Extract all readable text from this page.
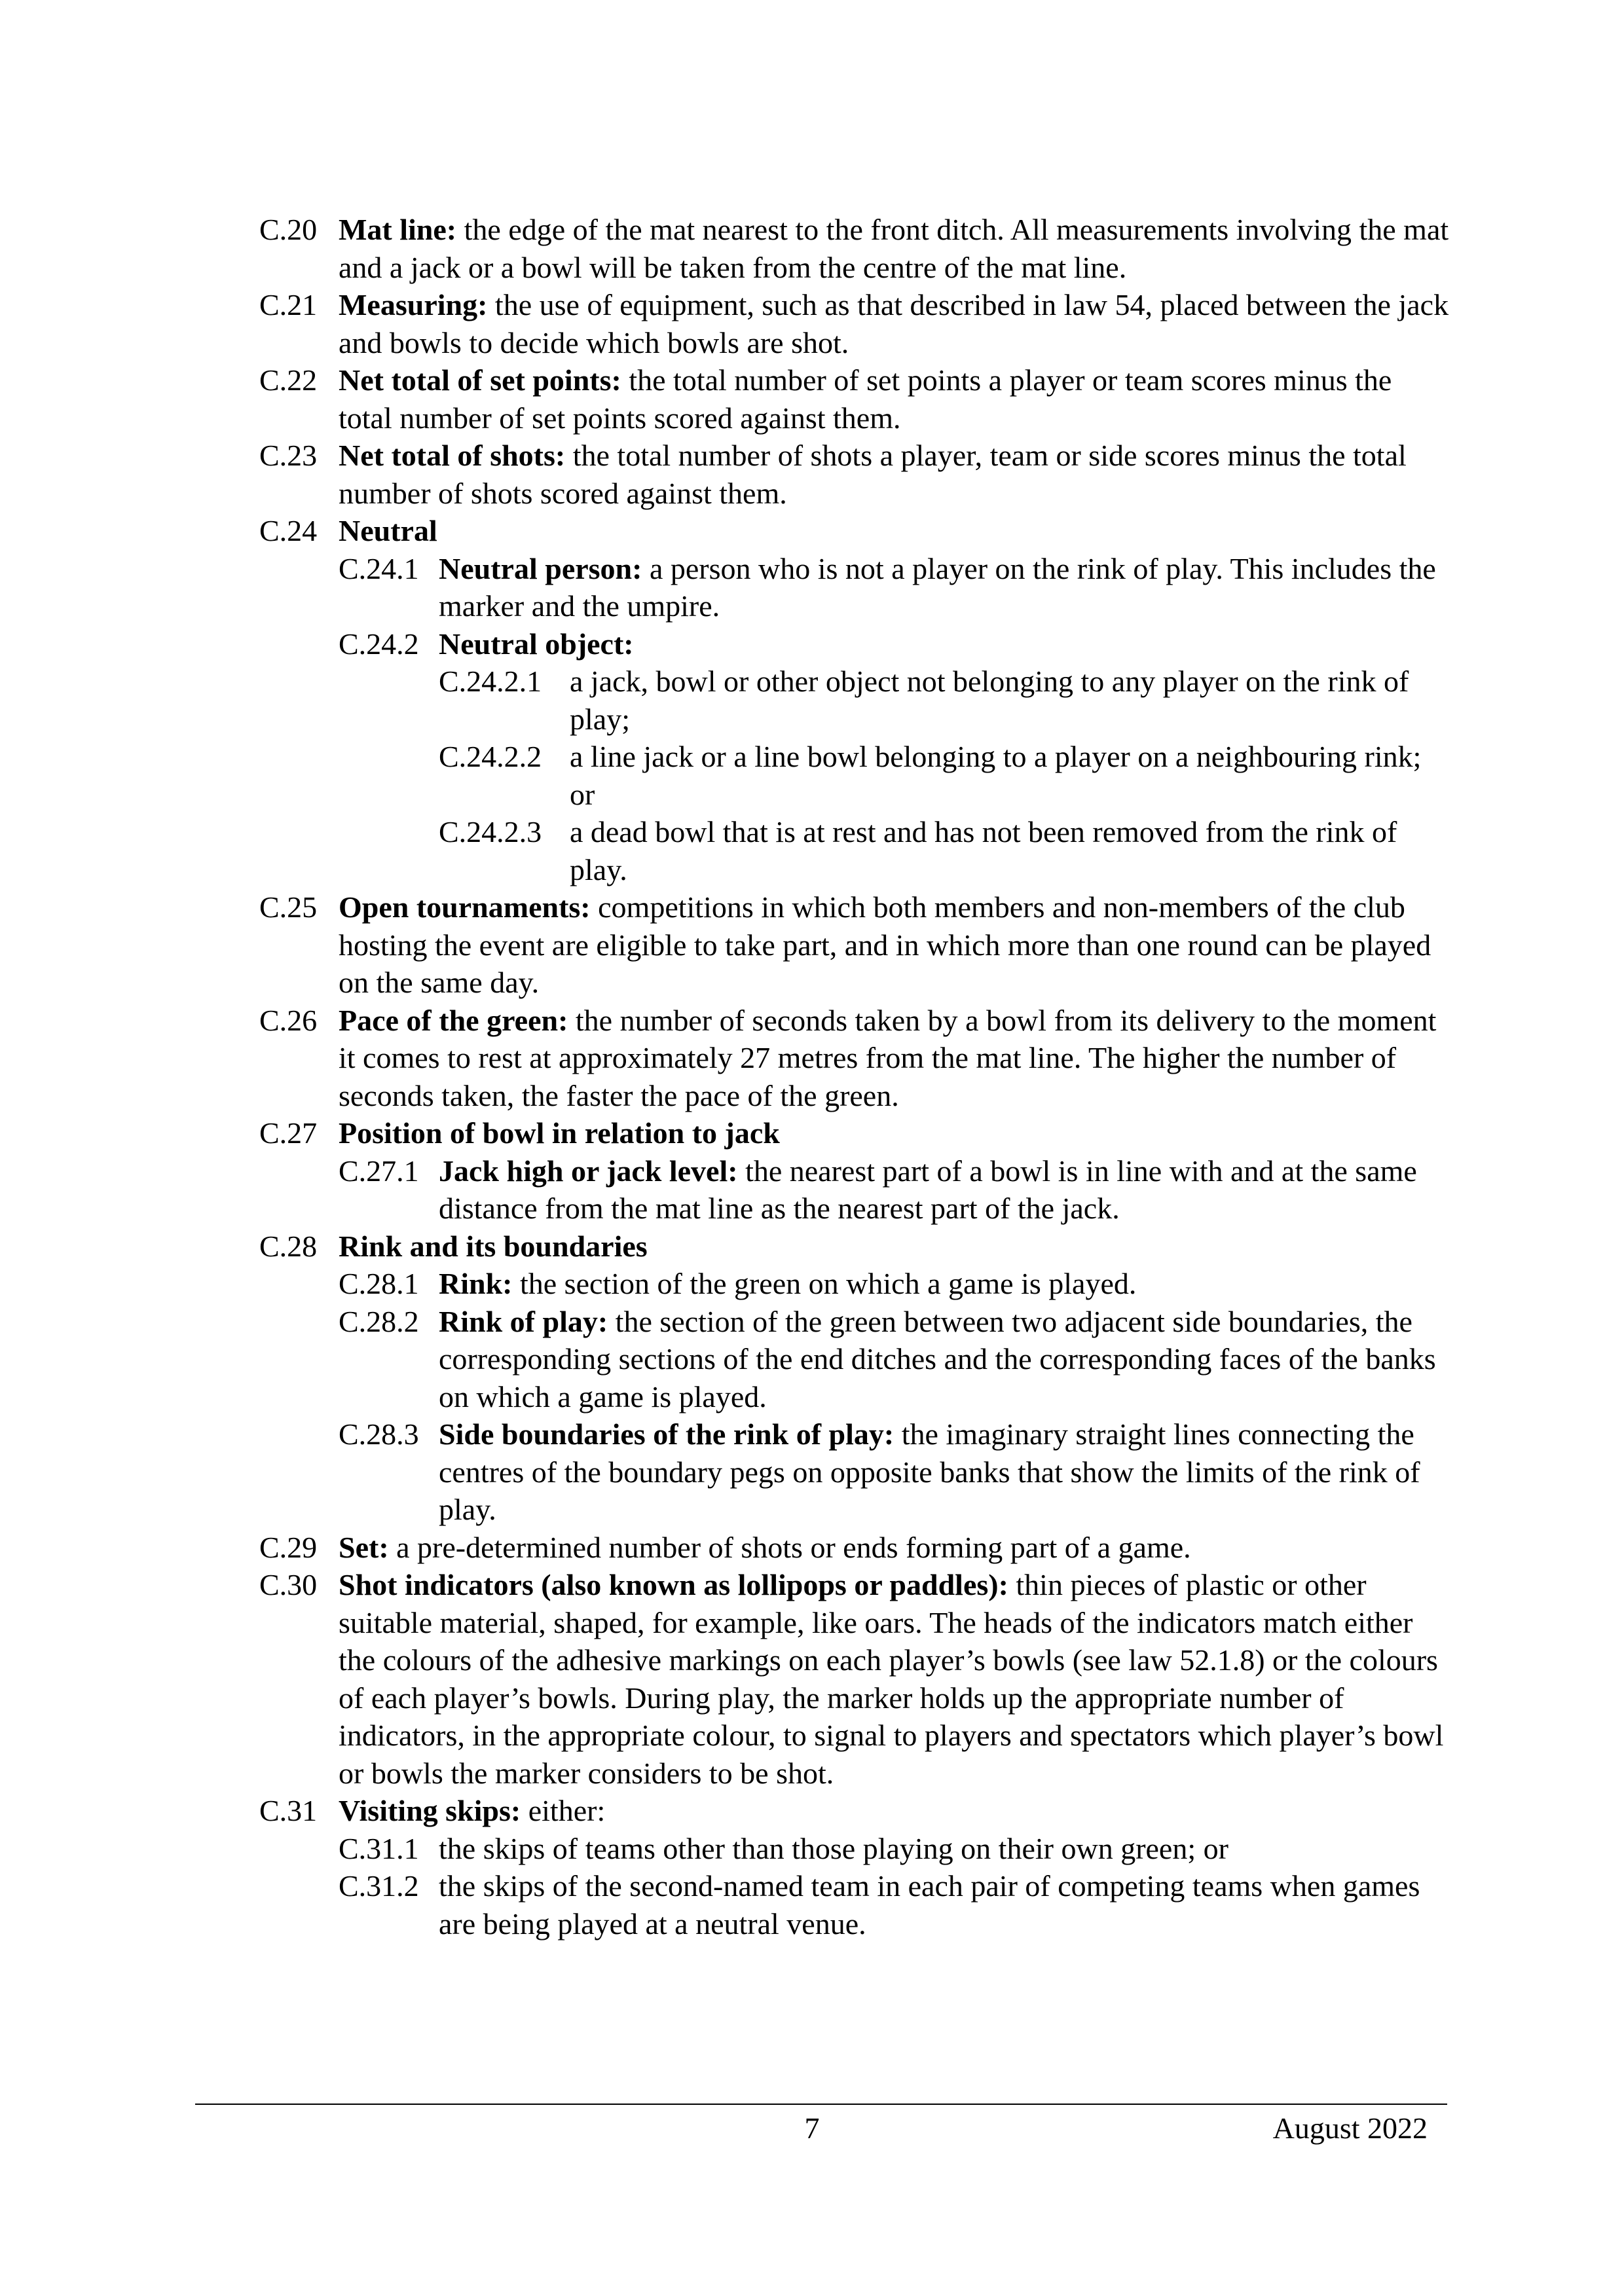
C.20 Mat line: the edge of the mat nearest to the front ditch. All measurements involving the mat and a jack or a bowl will be taken from the centre of the mat line.
C.21 Measuring: the use of equipment, such as that described in law 54, placed between the jack and bowls to decide which bowls are shot.
C.22 Net total of set points: the total number of set points a player or team scores minus the total number of set points scored against them.
C.23 Net total of shots: the total number of shots a player, team or side scores minus the total number of shots scored against them.
C.24 Neutral
C.24.1 Neutral person: a person who is not a player on the rink of play. This includes the marker and the umpire.
C.24.2 Neutral object:
C.24.2.1 a jack, bowl or other object not belonging to any player on the rink of play;
C.24.2.2 a line jack or a line bowl belonging to a player on a neighbouring rink; or
C.24.2.3 a dead bowl that is at rest and has not been removed from the rink of play.
C.25 Open tournaments: competitions in which both members and non-members of the club hosting the event are eligible to take part, and in which more than one round can be played on the same day.
C.26 Pace of the green: the number of seconds taken by a bowl from its delivery to the moment it comes to rest at approximately 27 metres from the mat line. The higher the number of seconds taken, the faster the pace of the green.
C.27 Position of bowl in relation to jack
C.27.1 Jack high or jack level: the nearest part of a bowl is in line with and at the same distance from the mat line as the nearest part of the jack.
C.28 Rink and its boundaries
C.28.1 Rink: the section of the green on which a game is played.
C.28.2 Rink of play: the section of the green between two adjacent side boundaries, the corresponding sections of the end ditches and the corresponding faces of the banks on which a game is played.
C.28.3 Side boundaries of the rink of play: the imaginary straight lines connecting the centres of the boundary pegs on opposite banks that show the limits of the rink of play.
C.29 Set: a pre-determined number of shots or ends forming part of a game.
C.30 Shot indicators (also known as lollipops or paddles): thin pieces of plastic or other suitable material, shaped, for example, like oars. The heads of the indicators match either the colours of the adhesive markings on each player’s bowls (see law 52.1.8) or the colours of each player’s bowls. During play, the marker holds up the appropriate number of indicators, in the appropriate colour, to signal to players and spectators which player’s bowl or bowls the marker considers to be shot.
C.31 Visiting skips: either:
C.31.1 the skips of teams other than those playing on their own green; or
C.31.2 the skips of the second-named team in each pair of competing teams when games are being played at a neutral venue.
7	August 2022
